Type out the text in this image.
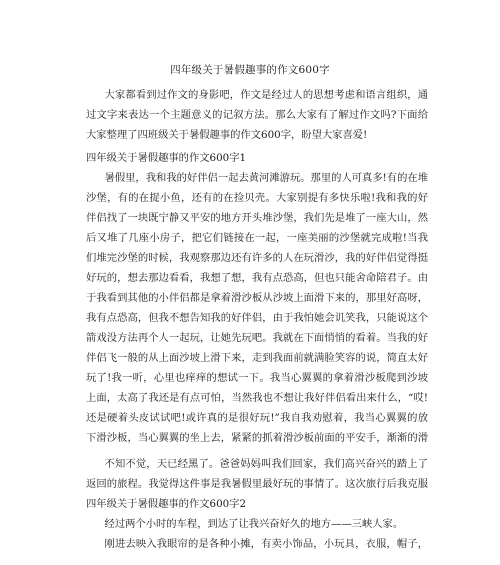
四年级关于暑假趣事的作文600字

大家都看到过作文的身影吧，作文是经过人的思想考虑和语言组织，通过文字来表达一个主题意义的记叙方法。那么大家有了解过作文吗?下面给大家整理了四班级关于暑假趣事的作文600字，盼望大家喜爱!

四年级关于暑假趣事的作文600字1

暑假里，我和我的好伴侣一起去黄河滩游玩。那里的人可真多!有的在堆沙堡，有的在捉小鱼，还有的在捡贝壳。大家别提有多快乐啦!我和我的好伴侣找了一块既宁静又平安的地方开头堆沙堡，我们先是堆了一座大山，然后又堆了几座小房子，把它们链接在一起，一座美丽的沙堡就完成啦!当我们堆完沙堡的时候，我观察那边还有许多的人在玩滑沙，我的好伴侣觉得挺好玩的，想去那边看看，我想了想，我有点恐高，但也只能舍命陪君子。由于我看到其他的小伴侣都是拿着滑沙板从沙坡上面滑下来的，那里好高呀，我有点恐高，但我不想告知我的好伴侣，由于我怕她会讥笑我，只能说这个箭戏没方法再个人一起玩，让她先玩吧。我就在下面悄悄的看着。当我的好伴侣飞一般的从上面沙坡上滑下来，走到我面前就满脸笑容的说，简直太好玩了!我一听，心里也痒痒的想试一下。我当心翼翼的拿着滑沙板爬到沙坡上面，太高了我还是有点可怕，当然我也不想让我好伴侣看出来什么，“哎!还是硬着头皮试试吧!或许真的是很好玩!”我自我劝慰着，我当心翼翼的放下滑沙板，当心翼翼的坐上去，紧紧的抓着滑沙板前面的平安手，渐渐的滑

不知不觉，天已经黑了。爸爸妈妈叫我们回家，我们高兴奋兴的踏上了返回的旅程。我觉得这件事是我暑假里最好玩的事情了。这次旅行后我克服

四年级关于暑假趣事的作文600字2

经过两个小时的车程，到达了让我兴奋好久的地方——三峡人家。

刚进去映入我眼帘的是各种小摊，有卖小饰品，小玩具，衣服，帽子，
